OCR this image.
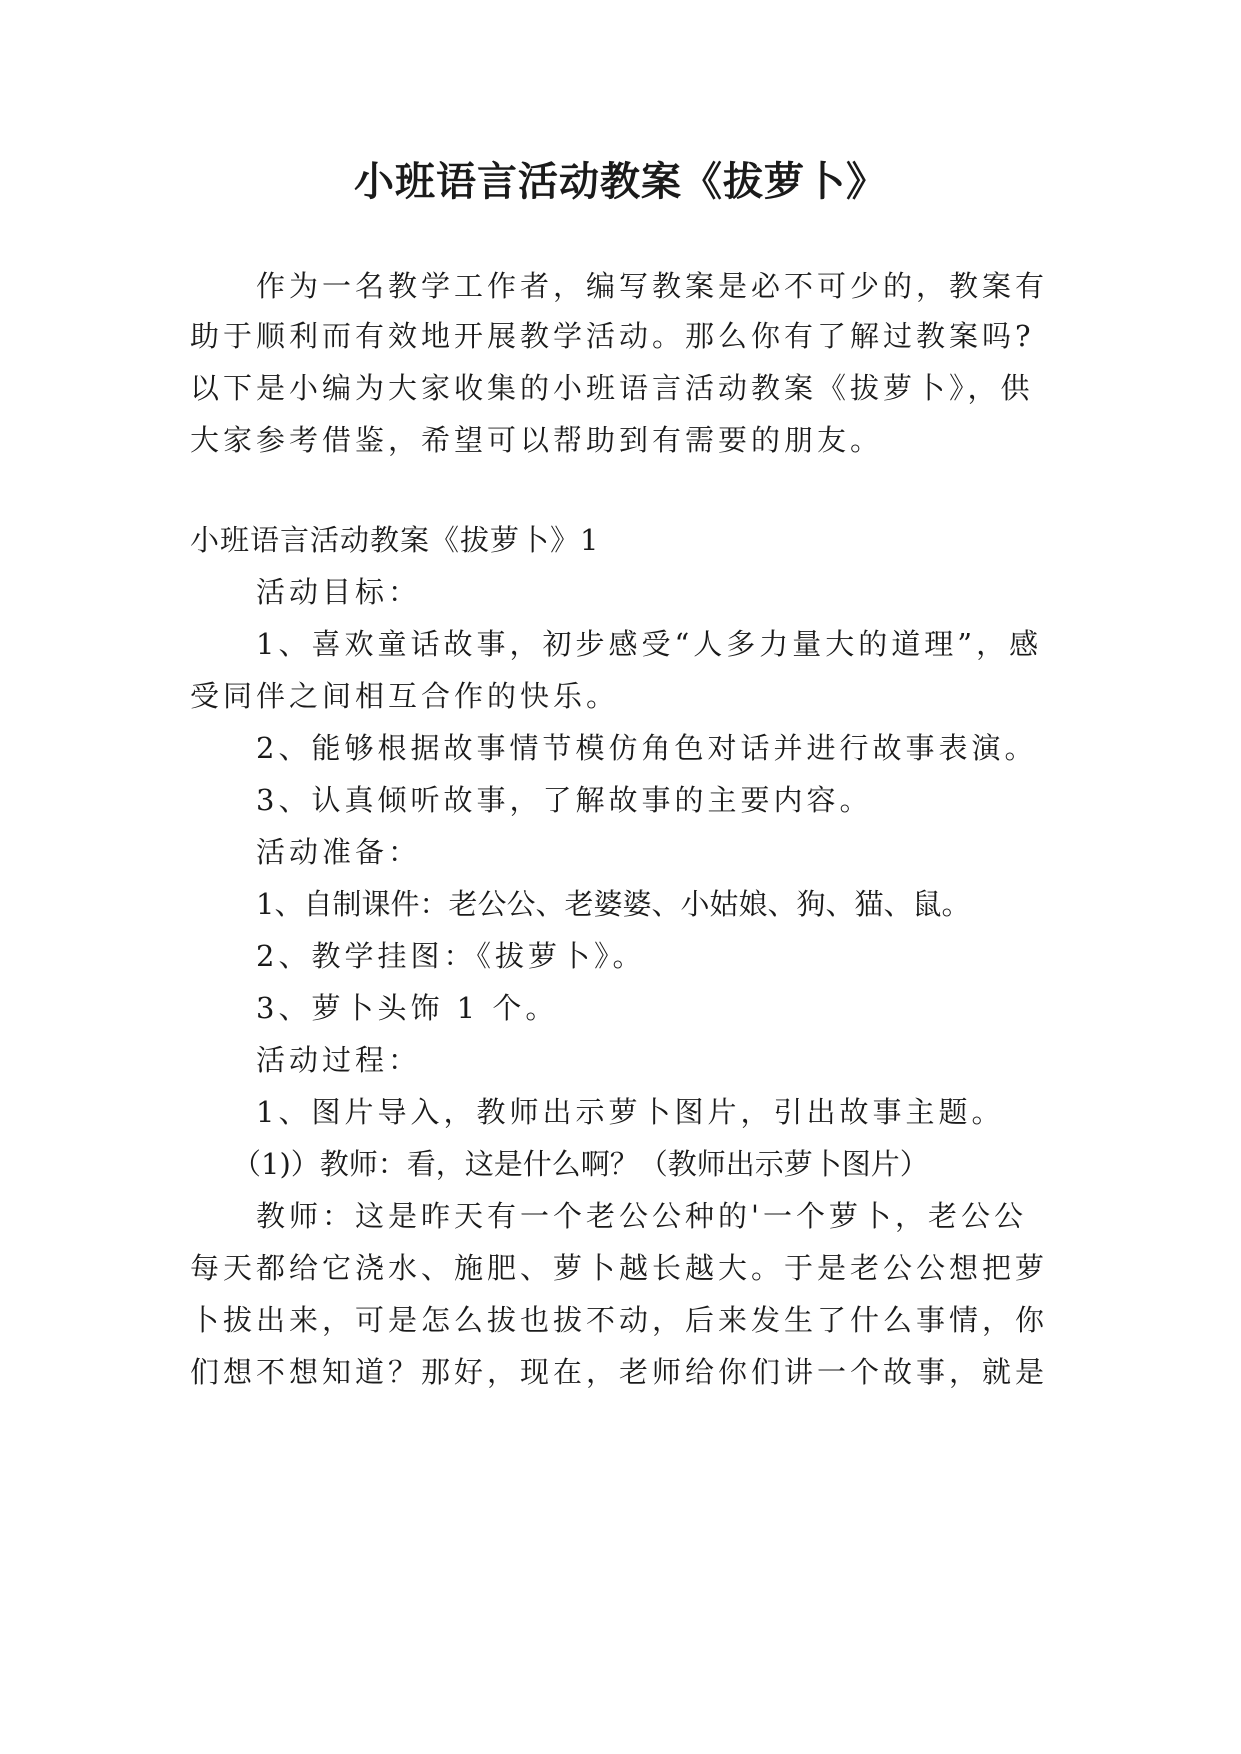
小班语言活动教案《拔萝卜》

作为一名教学工作者，编写教案是必不可少的，教案有

助于顺利而有效地开展教学活动。那么你有了解过教案吗?

以下是小编为大家收集的小班语言活动教案《拔萝卜》，供

大家参考借鉴，希望可以帮助到有需要的朋友。

小班语言活动教案《拔萝卜》1

活动目标：

1、喜欢童话故事，初步感受“人多力量大的道理”，感

受同伴之间相互合作的快乐。

2、能够根据故事情节模仿角色对话并进行故事表演。

3、认真倾听故事，了解故事的主要内容。

活动准备：

1、自制课件：老公公、老婆婆、小姑娘、狗、猫、鼠。

2、教学挂图：《拔萝卜》。

3、萝卜头饰 1 个。

活动过程：

1、图片导入，教师出示萝卜图片，引出故事主题。

（1)）教师：看，这是什么啊？（教师出示萝卜图片）

教师：这是昨天有一个老公公种的'一个萝卜，老公公

每天都给它浇水、施肥、萝卜越长越大。于是老公公想把萝

卜拔出来，可是怎么拔也拔不动，后来发生了什么事情，你

们想不想知道？那好，现在，老师给你们讲一个故事，就是
